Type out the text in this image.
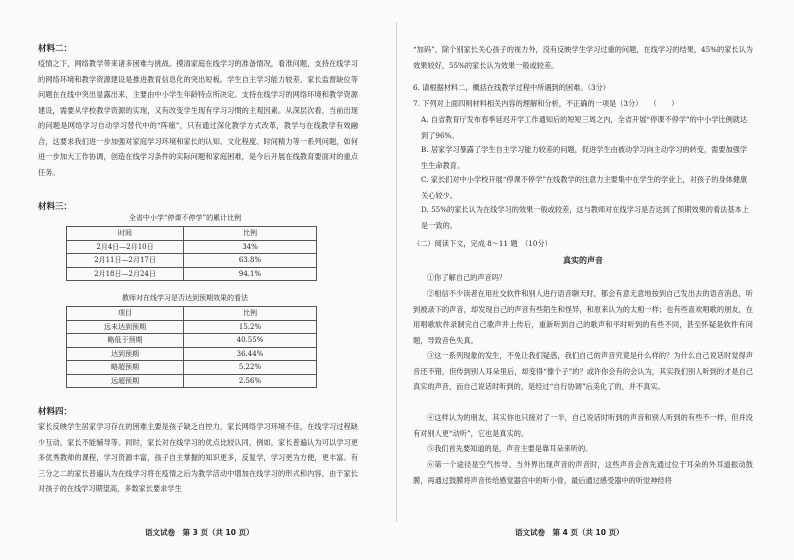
材料二：
疫情之下，网络教学带来诸多困难与挑战。摸清家庭在线学习的准备情况，看准问题，支持在线学习的网络环境和教学资源建设是推进教育信息化的突出短板。学生自主学习能力较差、家长监督缺位等问题在在线中突出显露出来，主要由中小学生年龄特点所决定。支持在线学习的网络环境和教学资源建设，需要从学校教学资源的实现，又有改变学生现有学习习惯的主观因素。从深层次看，当前出现的问题是网络学习自动学习替代中的“阵痛”，只有通过深化教学方式改革，教学与在线教学有效融合，这要求我们进一步加强对家庭学习环境和家长的认知、文化程度、时间精力等一系列问题，如何进一步加大工作协调，创造在线学习条件的实际问题和家庭困难，是今后开展在线教育要面对的重点任务。
材料三：
全省中小学“停课不停学”的累计比例
时间	比例
2月4日—2月10日	34%
2月11日—2月17日	63.8%
2月18日—2月24日	94.1%
教师对在线学习是否达到预期效果的看法
项目	比例
远未达到预期	15.2%
略低于预期	40.55%
达到预期	36.44%
略超预期	5.22%
远超预期	2.56%
材料四：
家长反映学生居家学习存在的困难主要是孩子缺乏自控力，家长网络学习环境不佳，在线学习过程缺少互动，家长不能辅导等。同时，家长对在线学习的优点比较认同，例如，家长普遍认为可以学习更多优秀教师的课程，学习资源丰富，孩子自主掌握的知识更多，反复学，学习更为方便，更丰富。有三分之二的家长普遍认为在线学习将在疫情之后为教学活动中增加在线学习的形式和内容，由于家长对孩子的在线学习期望高，多数家长要求学生
语文试卷　第 3 页（共 10 页）
“加码”，除个别家长关心孩子的视力外，没有反映学生学习过重的问题，在线学习的结果，45%的家长认为效果较好，55%的家长认为效果一般或较差。
6. 请根据材料二，概括在线教学过程中所遇到的困难。（3分）
7. 下列对上面四则材料相关内容的理解和分析，不正确的一项是（3分）　　（　　）
A. 自省教育厅发布春季延迟开学工作通知后的短短三周之内，全省开展“停课不停学”的中小学比例就达到了96%。
B. 居家学习暴露了学生自主学习能力较差的问题，促进学生由被动学习向主动学习的转变，需要加强学生生命教育。
C. 家长们对中小学校开展“停课不停学”在线教学的注意力主要集中在学生的学业上，对孩子的身体健康关心较少。
D. 55%的家长认为在线学习的效果一般或较差，这与教师对在线学习是否达到了预期效果的看法基本上是一致的。
（二）阅读下文，完成 8～11 题　（10分）
真实的声音
①你了解自己的声音吗？
②相信不少读者在用社交软件和别人进行语音聊天时，都会有意无意地按到自己发出去的语音消息，听到被录下的声音，却发现自己的声音有些陌生和怪异，和原来认为的太相一样；也有些喜欢唱歌的朋友，在用唱歌软件录制完自己歌声并上传后，重新听到自己的歌声和平时听到的有些不同，甚至怀疑是软件有问题，导致音色失真。
③这一系列现象的发生，不免让我们疑惑，我们自己的声音究竟是什么样的？为什么自己说话时觉得声音还不错，但传到别人耳朵里后，却变得“像个子”的？或许你会有的会认为，其实我们别人听到的才是自己真实的声音，而自己说话时听到的，是经过“自行协调”后美化了的，并不真实。
④这样认为的朋友，其实你也只接对了一半，自己说话时听到的声音和别人听到的有些不一样，但并没有对别人更“动听”，它也是真实的。
⑤我们首先要知道的是，声音主要是靠耳朵来听的。
⑥第一个途径是空气传导。当外界出现声音的声音时，这些声音会首先通过位于耳朵的外耳道振动鼓膜，再通过鼓膜将声音传给感觉器官中的听小骨，最后通过感受器中的听觉神经将
语文试卷　第 4 页（共 10 页）
